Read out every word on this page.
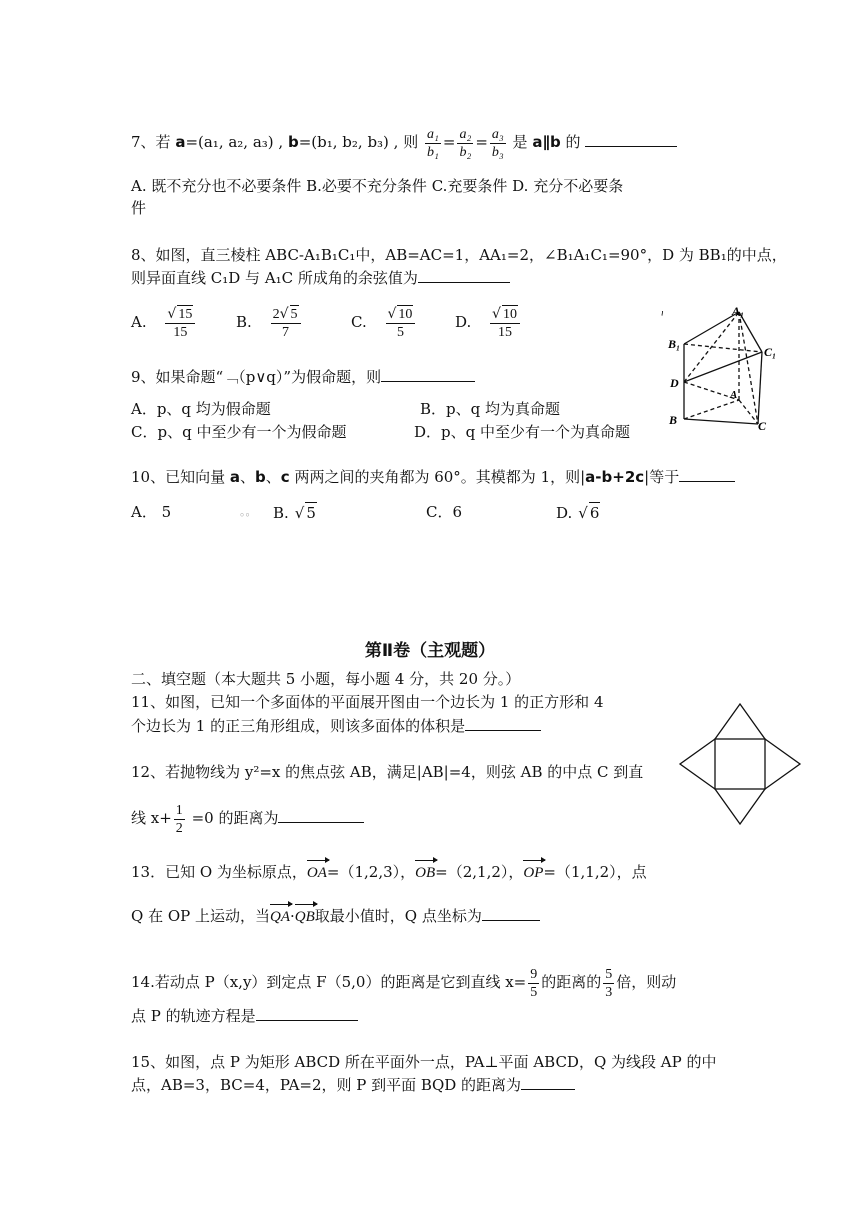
7、若 a=(a₁, a₂, a₃) , b=(b₁, b₂, b₃) , 则 $\frac{\text{a₁}}{\text{b₁}} = \frac{\text{a₂}}{\text{b₂}} = \frac{\text{a₃}}{\text{b₃}}$ 是 a∥b 的
A. 既不充分也不必要条件 B.必要不充分条件 C.充要条件 D. 充分不必要条
件
8、如图，直三棱柱 ABC-A₁B₁C₁中，AB=AC=1，AA₁=2，∠B₁A₁C₁=90°，D 为 BB₁的中点，
则异面直线 C₁D 与 A₁C 所成角的余弦值为
A. $\frac{√ 15}{15}$	B. $\frac{2√ 5}{7}$	C. $\frac{√ 10}{5}$	D. $\frac{√ 10}{15}$	ˡ	A₁
B₁
C₁
D
A
B	C
9、如果命题“﹁（p∨q）”为假命题，则
A．p、q 均为假命题	B．p、q 均为真命题
C．p、q 中至少有一个为假命题	D．p、q 中至少有一个为真命题
10、已知向量 a、b、c 两两之间的夹角都为 60°。其模都为 1，则|a-b+2c|等于
A． 5	。。 B. √ 5	C．6	D. √ 6
第Ⅱ卷（主观题）
二、填空题（本大题共 5 小题，每小题 4 分，共 20 分。）
11、如图，已知一个多面体的平面展开图由一个边长为 1 的正方形和 4
个边长为 1 的正三角形组成，则该多面体的体积是
12、若抛物线为 y²=x 的焦点弦 AB，满足|AB|=4，则弦 AB 的中点 C 到直
线 $x+ \frac{1}{2} =0$ 的距离为
13．已知 O 为坐标原点，OA=（1,2,3），OB=（2,1,2），OP=（1,1,2），点
Q 在 OP 上运动，当QA·QB取最小值时，Q 点坐标为
14.若动点 P（x,y）到定点 F（5,0）的距离是它到直线 $x= \frac{9}{5}$ 的距离的 $\frac{5}{3}$ 倍，则动
点 P 的轨迹方程是
15、如图，点 P 为矩形 ABCD 所在平面外一点，PA⊥平面 ABCD，Q 为线段 AP 的中
点，AB=3，BC=4，PA=2，则 P 到平面 BQD 的距离为
